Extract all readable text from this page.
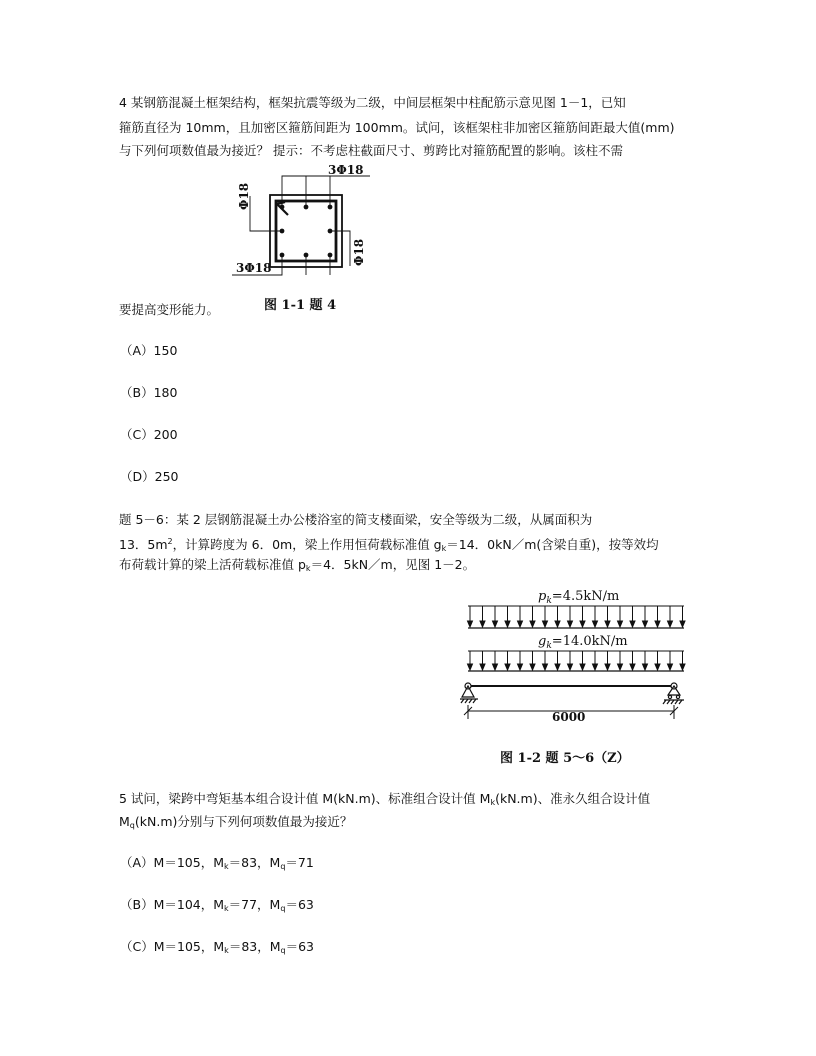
4 某钢筋混凝土框架结构，框架抗震等级为二级，中间层框架中柱配筋示意见图 1－1，已知
箍筋直径为 10mm，且加密区箍筋间距为 100mm。试问，该框架柱非加密区箍筋间距最大值(mm)
与下列何项数值最为接近？ 提示：不考虑柱截面尺寸、剪跨比对箍筋配置的影响。该柱不需
3Φ18
3Φ18
Φ18
Φ18
图 1-1 题 4
要提高变形能力。
（A）150
（B）180
（C）200
（D）250
题 5－6：某 2 层钢筋混凝土办公楼浴室的简支楼面梁，安全等级为二级，从属面积为
13．$5m^2$，计算跨度为 6．0m，梁上作用恒荷载标准值 $g_k=14$．0kN／m(含梁自重)，按等效均
布荷载计算的梁上活荷载标准值 $p_k=4$．5kN／m，见图 1－2。
$p_k=4.5kN/m$
$g_k=14.0kN/m$
6000
图 1-2 题 5～6（Z）
5 试问，梁跨中弯矩基本组合设计值 M(kN.m)、标准组合设计值 $M_k(kN.m)$、准永久组合设计值
$M_q(kN.m)$分别与下列何项数值最为接近？
（A）M＝105，$M_k=83$，$M_q=71$
（B）M＝104，$M_k=77$，$M_q=63$
（C）M＝105，$M_k=83$，$M_q=63$
